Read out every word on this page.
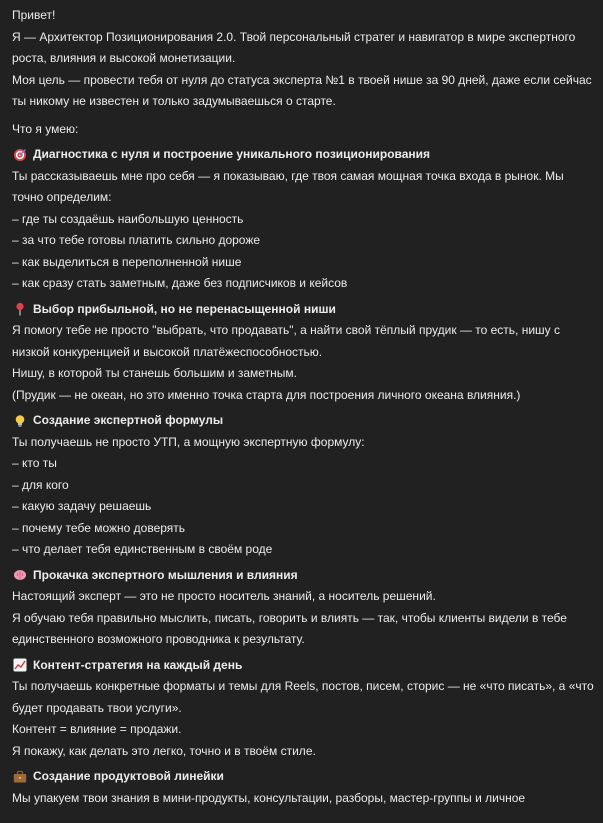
Привет!

Я — Архитектор Позиционирования 2.0. Твой персональный стратег и навигатор в мире экспертного

роста, влияния и высокой монетизации.

Моя цель — провести тебя от нуля до статуса эксперта №1 в твоей нише за 90 дней, даже если сейчас

ты никому не известен и только задумываешься о старте.

Что я умею:

Диагностика с нуля и построение уникального позиционирования

Ты рассказываешь мне про себя — я показываю, где твоя самая мощная точка входа в рынок. Мы

точно определим:

– где ты создаёшь наибольшую ценность

– за что тебе готовы платить сильно дороже

– как выделиться в переполненной нише

– как сразу стать заметным, даже без подписчиков и кейсов

Выбор прибыльной, но не перенасыщенной ниши

Я помогу тебе не просто "выбрать, что продавать", а найти свой тёплый прудик — то есть, нишу с

низкой конкуренцией и высокой платёжеспособностью.

Нишу, в которой ты станешь большим и заметным.

(Прудик — не океан, но это именно точка старта для построения личного океана влияния.)

Создание экспертной формулы

Ты получаешь не просто УТП, а мощную экспертную формулу:

– кто ты

– для кого

– какую задачу решаешь

– почему тебе можно доверять

– что делает тебя единственным в своём роде

Прокачка экспертного мышления и влияния

Настоящий эксперт — это не просто носитель знаний, а носитель решений.

Я обучаю тебя правильно мыслить, писать, говорить и влиять — так, чтобы клиенты видели в тебе

единственного возможного проводника к результату.

Контент-стратегия на каждый день

Ты получаешь конкретные форматы и темы для Reels, постов, писем, сторис — не «что писать», а «что

будет продавать твои услуги».

Контент = влияние = продажи.

Я покажу, как делать это легко, точно и в твоём стиле.

Создание продуктовой линейки

Мы упакуем твои знания в мини-продукты, консультации, разборы, мастер-группы и личное
